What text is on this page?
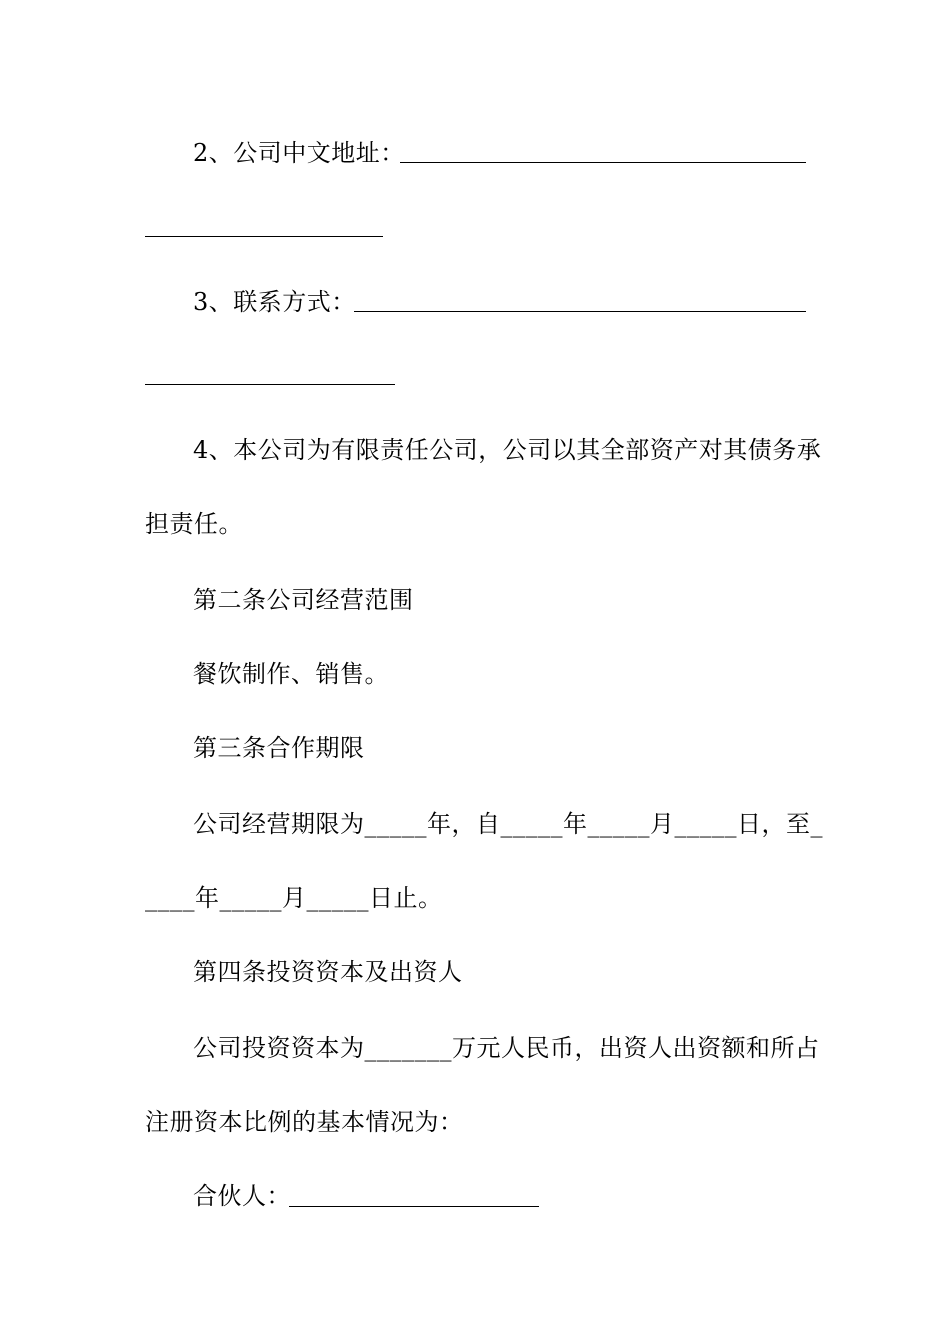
2、公司中文地址：
3、联系方式：
4、本公司为有限责任公司，公司以其全部资产对其债务承
担责任。
第二条公司经营范围
餐饮制作、销售。
第三条合作期限
公司经营期限为_____年，自_____年_____月_____日，至_
____年_____月_____日止。
第四条投资资本及出资人
公司投资资本为_______万元人民币，出资人出资额和所占
注册资本比例的基本情况为：
合伙人：
